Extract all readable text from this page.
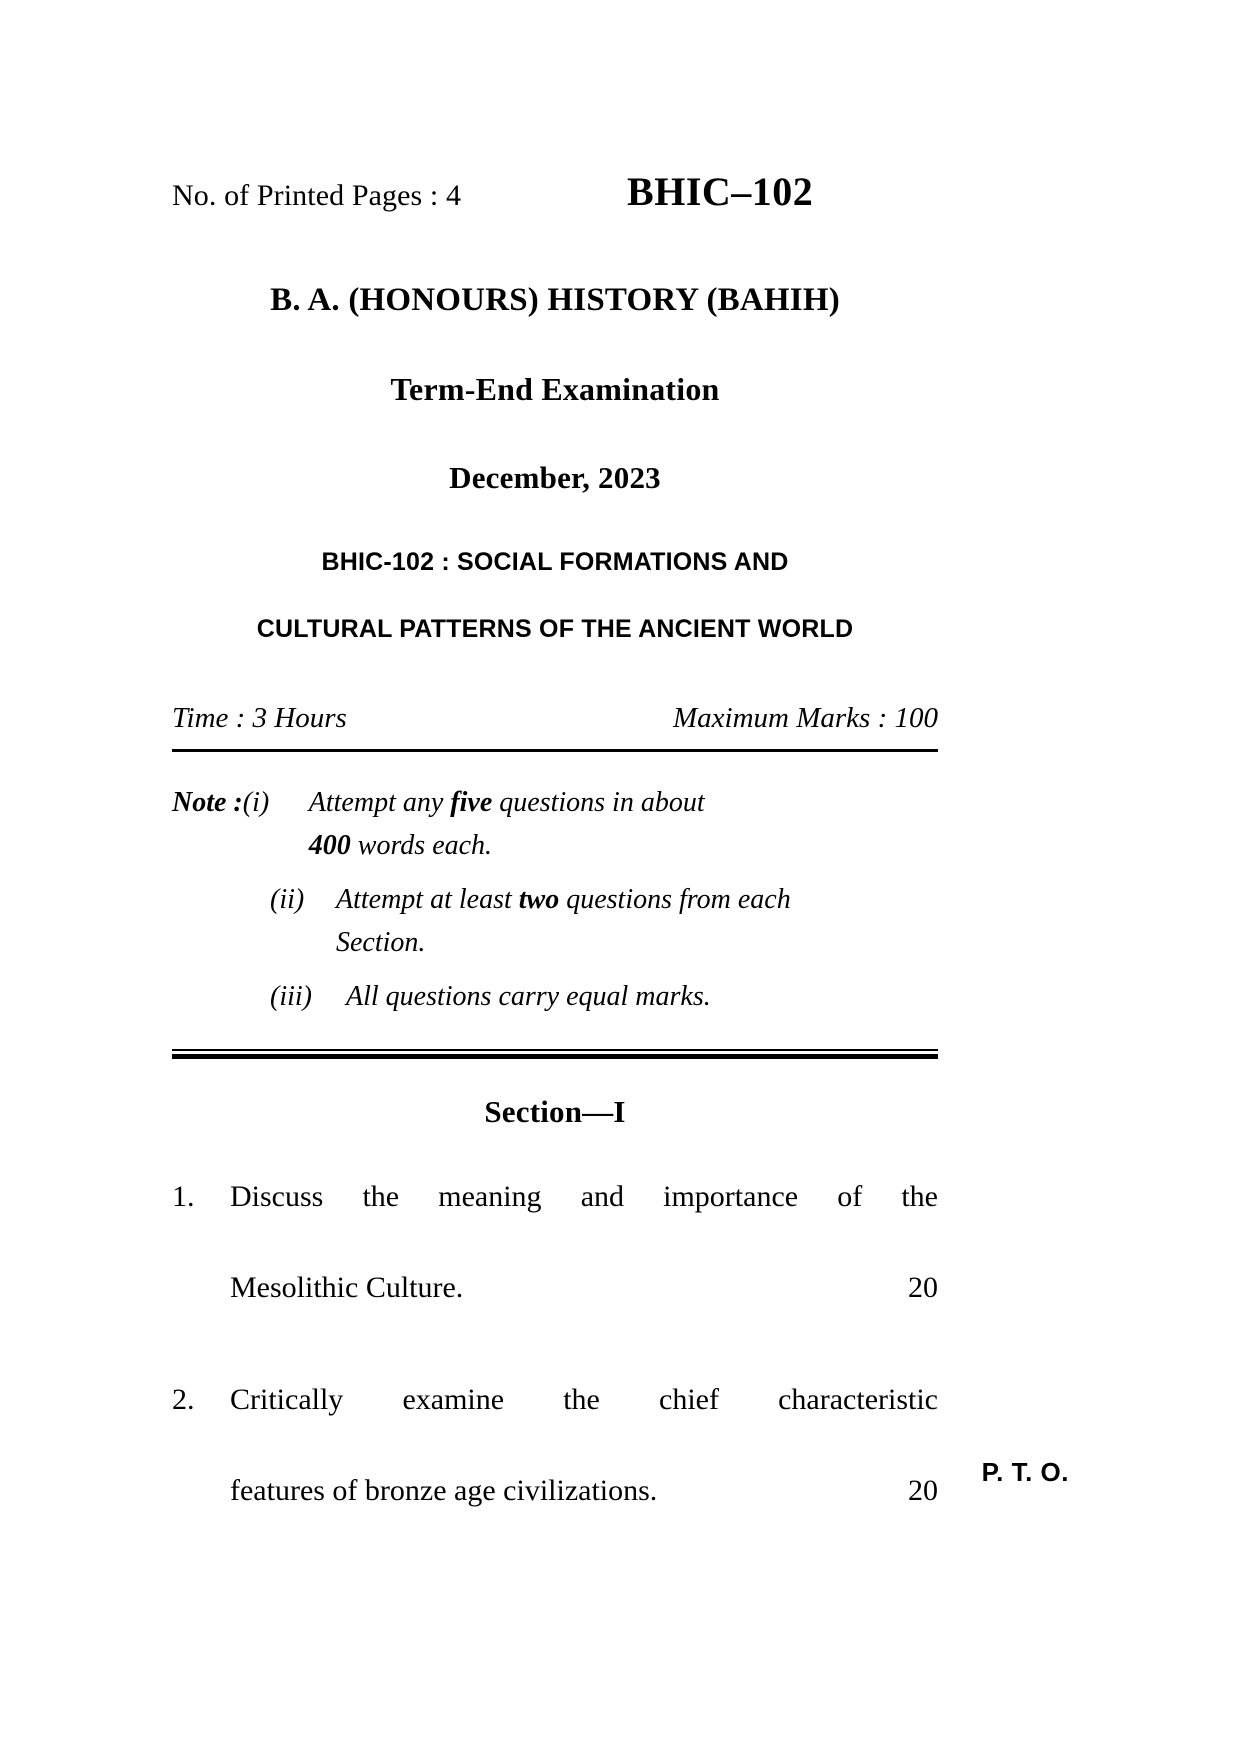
No. of Printed Pages : 4	BHIC–102
B. A. (HONOURS) HISTORY (BAHIH)
Term-End Examination
December, 2023
BHIC-102 : SOCIAL FORMATIONS AND
CULTURAL PATTERNS OF THE ANCIENT WORLD
Time : 3 Hours	Maximum Marks : 100
Note : (i)	Attempt any five questions in about
400 words each.
(ii)	Attempt at least two questions from each
Section.
(iii)	All questions carry equal marks.
Section—I
1.	Discuss the meaning and importance of the
Mesolithic Culture.	20
2.	Critically examine the chief characteristic
features of bronze age civilizations.	20
P. T. O.
